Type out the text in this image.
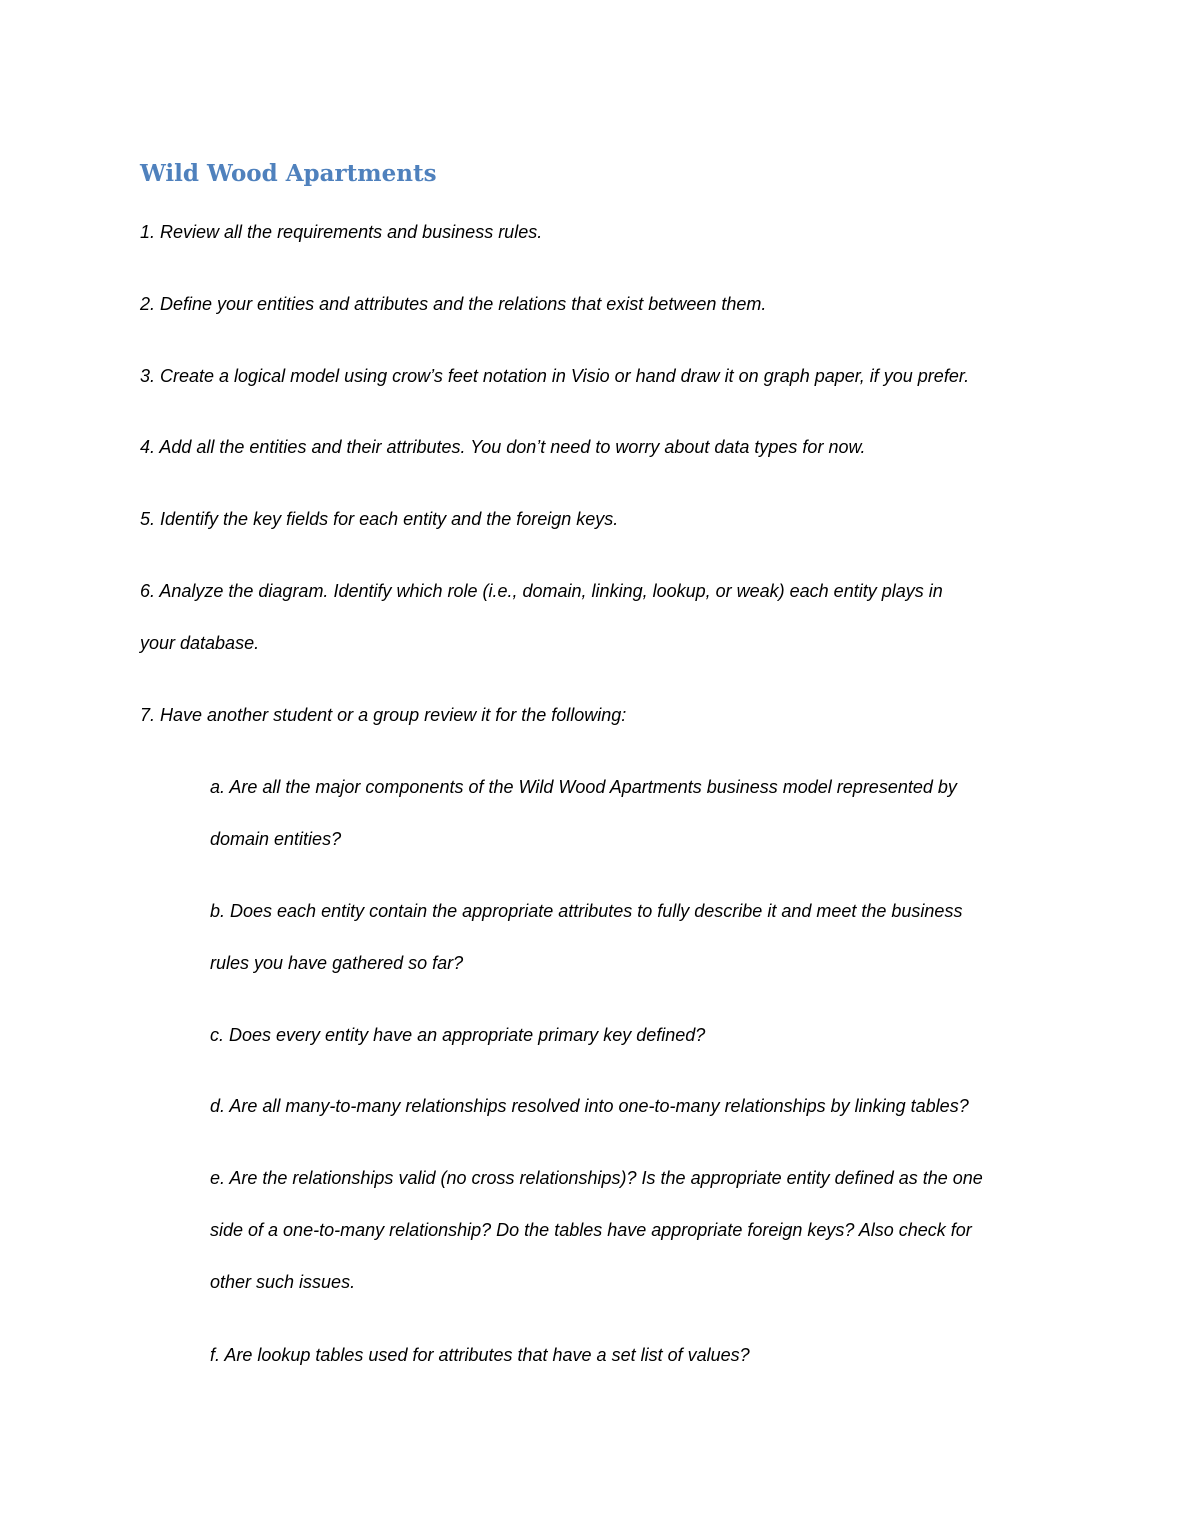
Wild Wood Apartments

1. Review all the requirements and business rules.

2. Define your entities and attributes and the relations that exist between them.

3. Create a logical model using crow’s feet notation in Visio or hand draw it on graph paper, if you prefer.

4. Add all the entities and their attributes. You don’t need to worry about data types for now.

5. Identify the key fields for each entity and the foreign keys.

6. Analyze the diagram. Identify which role (i.e., domain, linking, lookup, or weak) each entity plays in
your database.

7. Have another student or a group review it for the following:

a. Are all the major components of the Wild Wood Apartments business model represented by
domain entities?

b. Does each entity contain the appropriate attributes to fully describe it and meet the business
rules you have gathered so far?

c. Does every entity have an appropriate primary key defined?

d. Are all many-to-many relationships resolved into one-to-many relationships by linking tables?

e. Are the relationships valid (no cross relationships)? Is the appropriate entity defined as the one
side of a one-to-many relationship? Do the tables have appropriate foreign keys? Also check for
other such issues.

f. Are lookup tables used for attributes that have a set list of values?
